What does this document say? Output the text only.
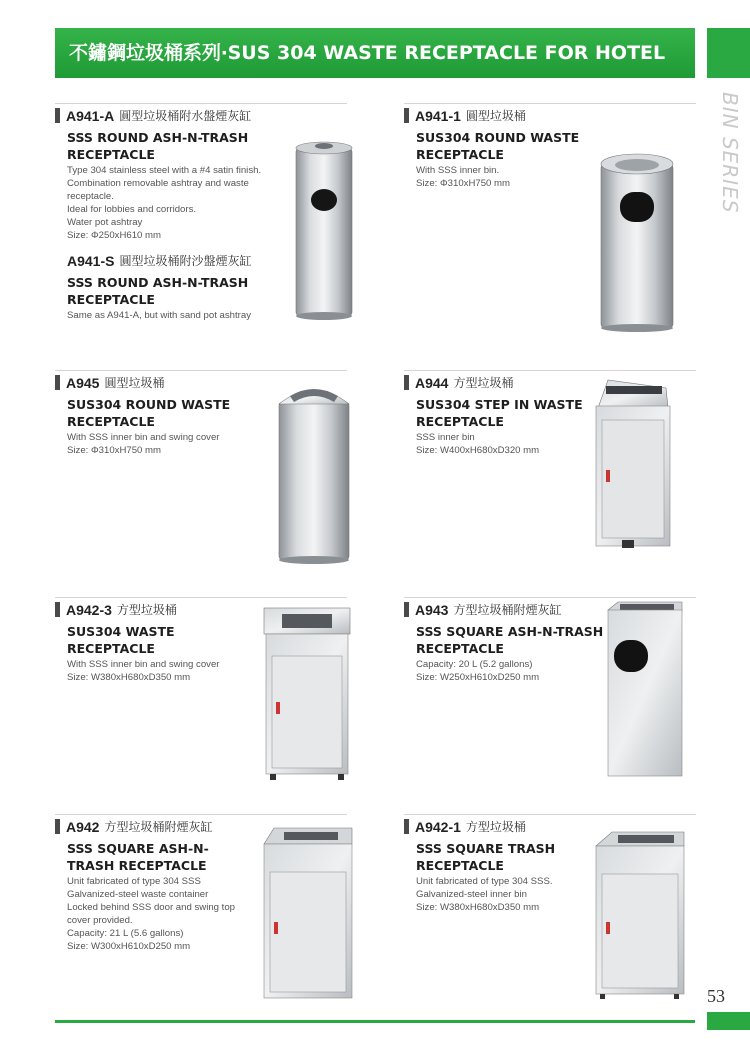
不鏽鋼垃圾桶系列‧SUS 304 WASTE RECEPTACLE FOR HOTEL
BIN SERIES
A941-A 圓型垃圾桶附水盤煙灰缸
SSS ROUND ASH-N-TRASH RECEPTACLE
Type 304 stainless steel with a #4 satin finish.
Combination removable ashtray and waste receptacle.
Ideal for lobbies and corridors.
Water pot ashtray
Size: Φ250xH610 mm
A941-S 圓型垃圾桶附沙盤煙灰缸
SSS ROUND ASH-N-TRASH RECEPTACLE
Same as A941-A, but with sand pot ashtray
A941-1 圓型垃圾桶
SUS304 ROUND WASTE RECEPTACLE
With SSS inner bin.
Size: Φ310xH750 mm
A945 圓型垃圾桶
SUS304 ROUND WASTE RECEPTACLE
With SSS inner bin and swing cover
Size: Φ310xH750 mm
A944 方型垃圾桶
SUS304 STEP IN WASTE RECEPTACLE
SSS inner bin
Size: W400xH680xD320 mm
A942-3 方型垃圾桶
SUS304 WASTE RECEPTACLE
With SSS inner bin and swing cover
Size: W380xH680xD350 mm
A943 方型垃圾桶附煙灰缸
SSS SQUARE ASH-N-TRASH RECEPTACLE
Capacity: 20 L (5.2 gallons)
Size: W250xH610xD250 mm
A942 方型垃圾桶附煙灰缸
SSS SQUARE ASH-N-TRASH RECEPTACLE
Unit fabricated of type 304 SSS
Galvanized-steel waste container
Locked behind SSS door and swing top cover provided.
Capacity: 21 L (5.6 gallons)
Size: W300xH610xD250 mm
A942-1 方型垃圾桶
SSS SQUARE TRASH RECEPTACLE
Unit fabricated of type 304 SSS.
Galvanized-steel inner bin
Size: W380xH680xD350 mm
53
